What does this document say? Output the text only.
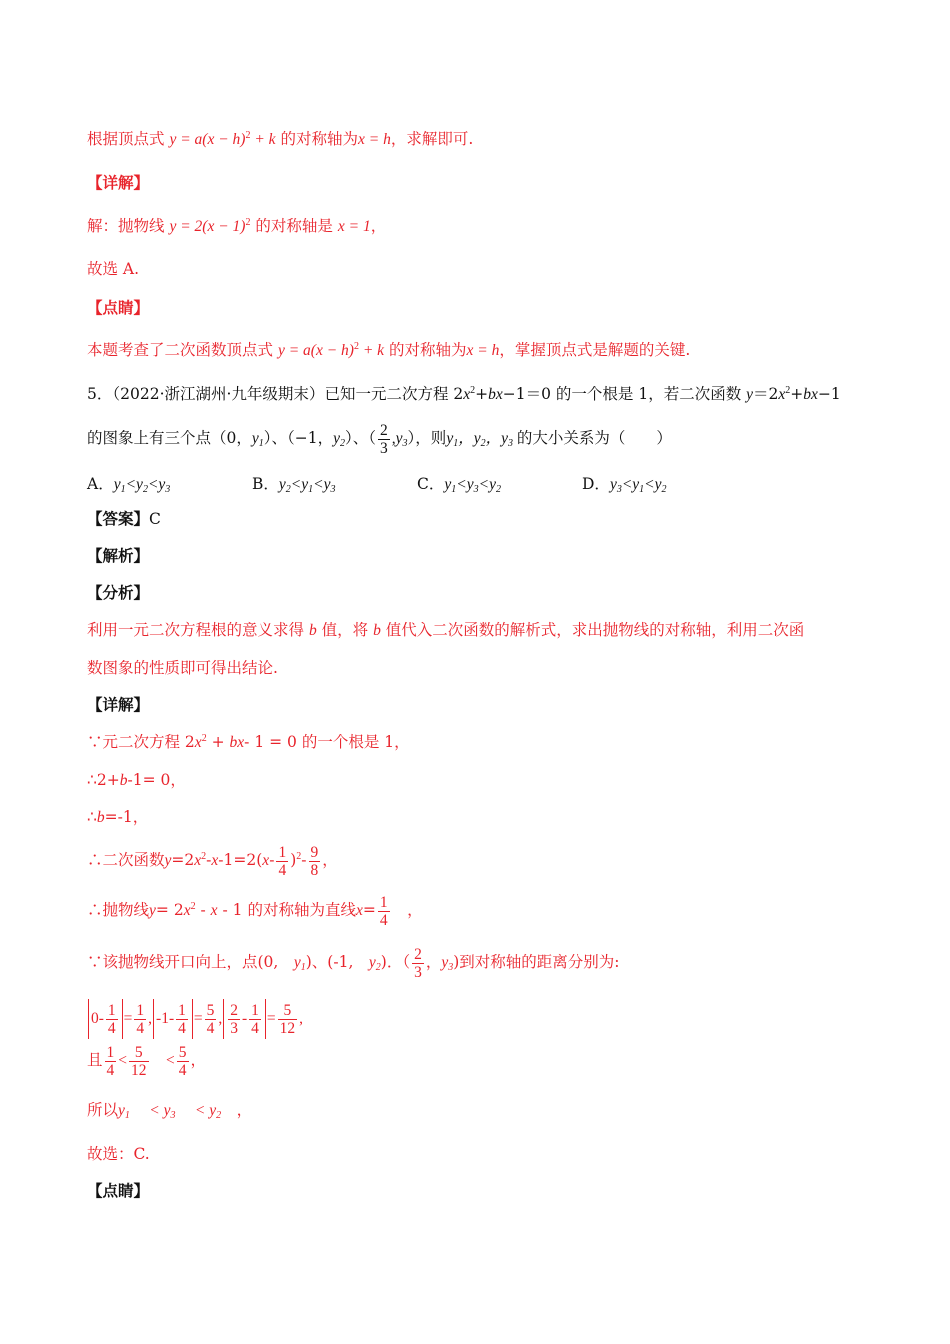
根据顶点式 $y = a(x - h)^2 + k$ 的对称轴为x = h，求解即可.
【详解】
解：抛物线 $y = 2(x - 1)^2$ 的对称轴是 x = 1，
故选 A.
【点睛】
本题考查了二次函数顶点式 $y = a(x - h)^2 + k$ 的对称轴为x = h，掌握顶点式是解题的关键.
5．（2022·浙江湖州·九年级期末）已知一元二次方程 $2x^2+bx-1=0$ 的一个根是 1，若二次函数 $y=2x^2+bx-1$
的图象上有三个点（0，$y_1$）、（−1，$y_2$）、（ $\frac{2}{3} ,y_3$），则$y_1$，$y_2$，$y_3$ 的大小关系为（　　）
A．$y_1<y_2<y_3$	B．$y_2<y_1<y_3$	C．$y_1<y_3<y_2$	D．$y_3<y_1<y_2$
【答案】C
【解析】
【分析】
利用一元二次方程根的意义求得 b 值，将 b 值代入二次函数的解析式，求出抛物线的对称轴，利用二次函
数图象的性质即可得出结论.
【详解】
∵元二次方程 $2x^2 + bx-$ 1 = 0 的一个根是 1，
∴2+b-1= 0，
∴b=-1，
∴二次函数$y=2x^2-x-1=2(x- \frac{1}{4} )^2- \frac{9}{8}$ ，
∴抛物线$y= 2x^2 - x - 1$ 的对称轴为直线$x= \frac{1}{4}$ 　，
∵该抛物线开口向上，点(0,　 $y_1$)、(-1,　 $y_2$)．（ $\frac{2}{3}$ ，$y_3$)到对称轴的距离分别为:
$0- \frac{1}{4} = \frac{1}{4}$ , $-1- \frac{1}{4} = \frac{5}{4}$ , $\frac{2}{3} - \frac{1}{4} = \frac{5}{12}$ ,
且 $\frac{1}{4} < \frac{5}{12}$
　 < $\frac{5}{4}$ ，
所以$y_1$ 　< $y_3$ 　< $y_2$　，
故选：C.
【点睛】
